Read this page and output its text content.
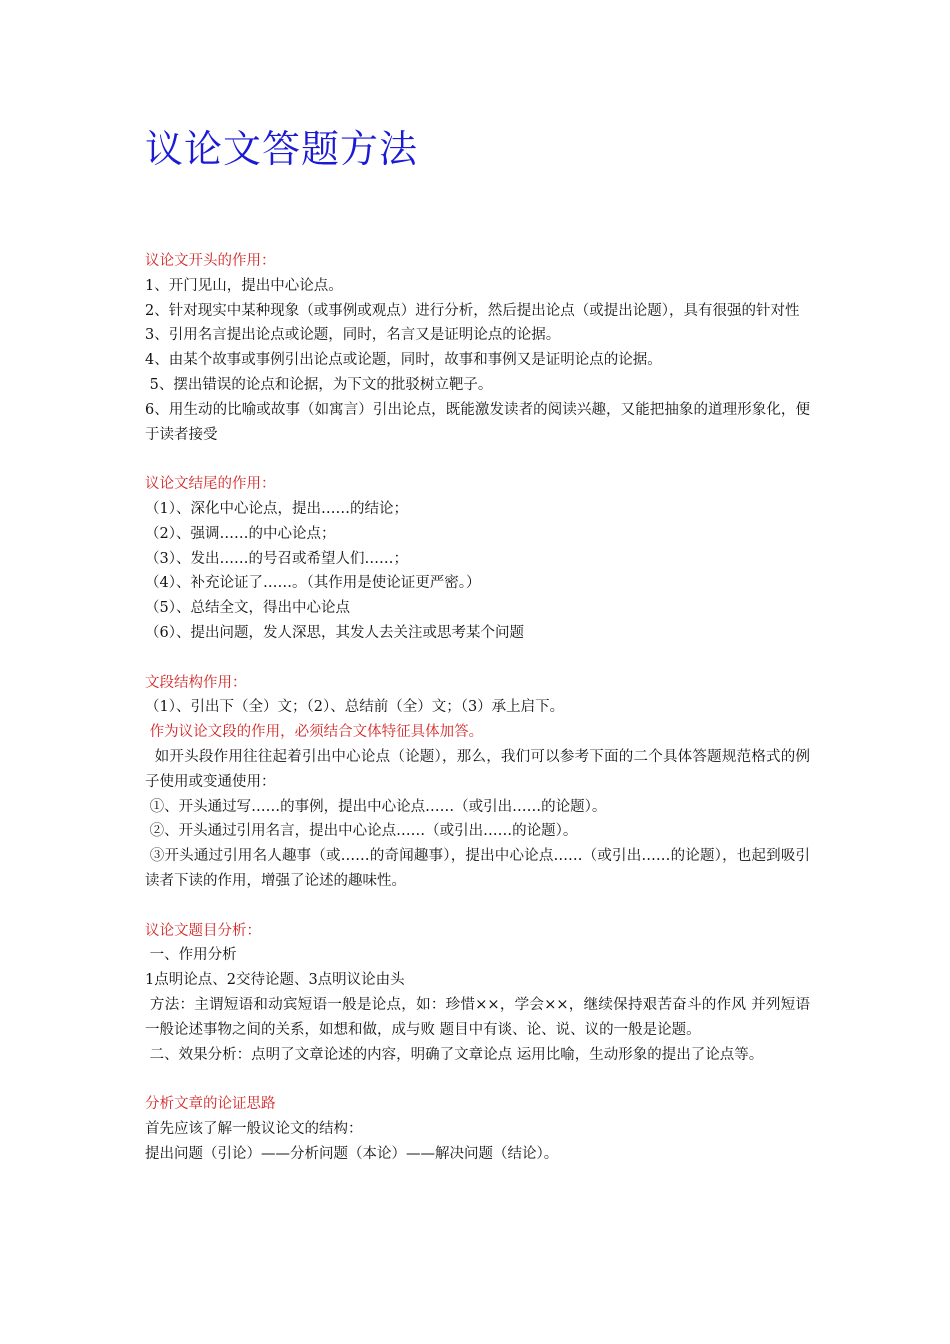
议论文答题方法
议论文开头的作用：
1、开门见山，提出中心论点。
2、针对现实中某种现象（或事例或观点）进行分析，然后提出论点（或提出论题），具有很强的针对性
3、引用名言提出论点或论题，同时，名言又是证明论点的论据。
4、由某个故事或事例引出论点或论题，同时，故事和事例又是证明论点的论据。
5、摆出错误的论点和论据，为下文的批驳树立靶子。
6、用生动的比喻或故事（如寓言）引出论点，既能激发读者的阅读兴趣，又能把抽象的道理形象化，便于读者接受
议论文结尾的作用：
（1）、深化中心论点，提出……的结论；
（2）、强调……的中心论点；
（3）、发出……的号召或希望人们……；
（4）、补充论证了……。（其作用是使论证更严密。）
（5）、总结全文，得出中心论点
（6）、提出问题，发人深思，其发人去关注或思考某个问题
文段结构作用：
（1）、引出下（全）文；（2）、总结前（全）文；（3）承上启下。
作为议论文段的作用，必须结合文体特征具体加答。
如开头段作用往往起着引出中心论点（论题），那么，我们可以参考下面的二个具体答题规范格式的例子使用或变通使用：
①、开头通过写……的事例，提出中心论点……（或引出……的论题）。
②、开头通过引用名言，提出中心论点……（或引出……的论题）。
③开头通过引用名人趣事（或……的奇闻趣事），提出中心论点……（或引出……的论题），也起到吸引读者下读的作用，增强了论述的趣味性。
议论文题目分析：
一、作用分析
1点明论点、2交待论题、3点明议论由头
方法：主谓短语和动宾短语一般是论点，如：珍惜××，学会××，继续保持艰苦奋斗的作风 并列短语一般论述事物之间的关系，如想和做，成与败 题目中有谈、论、说、议的一般是论题。
二、效果分析：点明了文章论述的内容，明确了文章论点 运用比喻，生动形象的提出了论点等。
分析文章的论证思路
首先应该了解一般议论文的结构：
提出问题（引论）——分析问题（本论）——解决问题（结论）。
